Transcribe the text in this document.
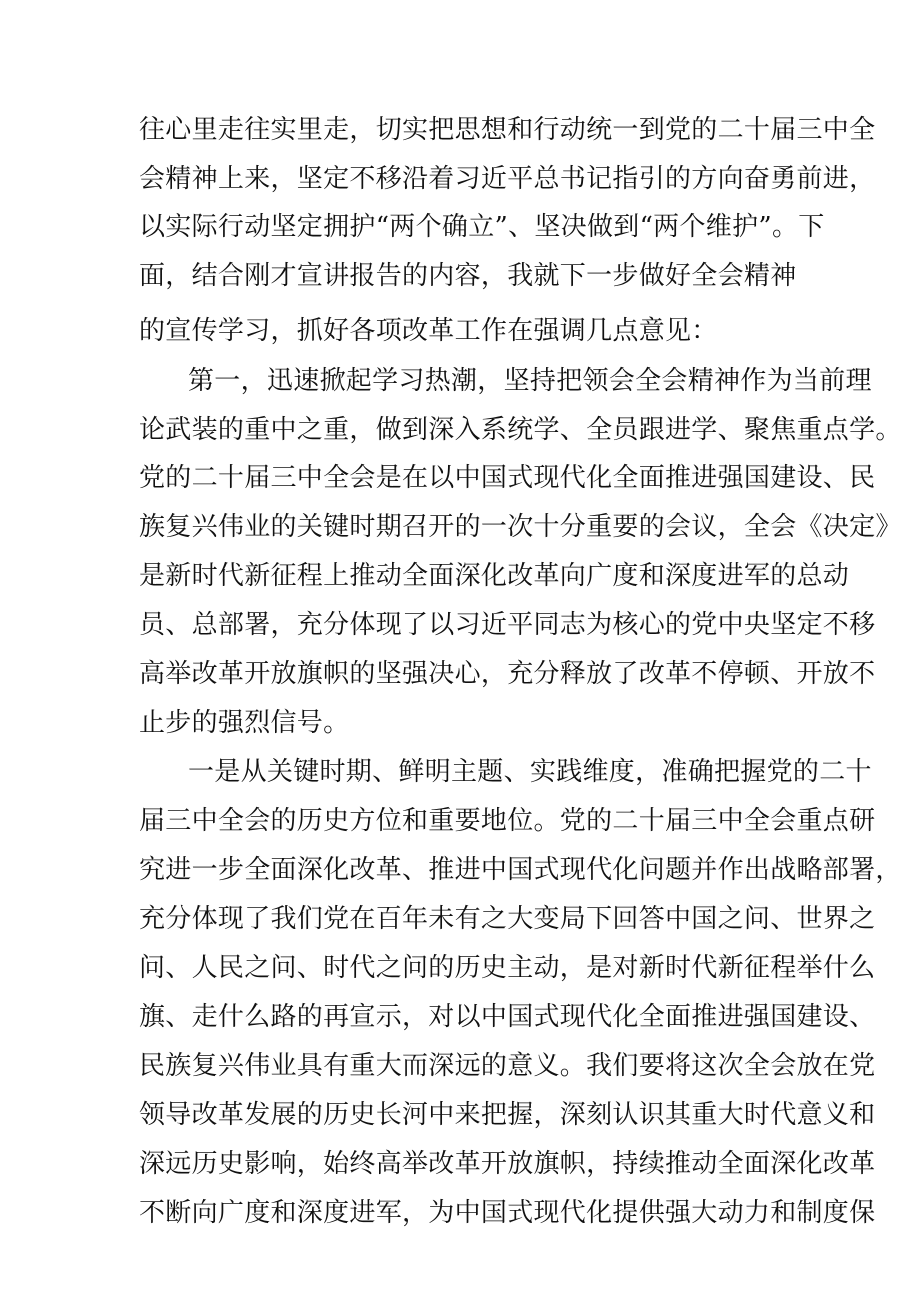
往心里走往实里走，切实把思想和行动统一到党的二十届三中全

会精神上来，坚定不移沿着习近平总书记指引的方向奋勇前进，

以实际行动坚定拥护“两个确立”、坚决做到“两个维护”。下

面，结合刚才宣讲报告的内容，我就下一步做好全会精神

的宣传学习，抓好各项改革工作在强调几点意见：

第一，迅速掀起学习热潮，坚持把领会全会精神作为当前理

论武装的重中之重，做到深入系统学、全员跟进学、聚焦重点学。

党的二十届三中全会是在以中国式现代化全面推进强国建设、民

族复兴伟业的关键时期召开的一次十分重要的会议，全会《决定》

是新时代新征程上推动全面深化改革向广度和深度进军的总动

员、总部署，充分体现了以习近平同志为核心的党中央坚定不移

高举改革开放旗帜的坚强决心，充分释放了改革不停顿、开放不

止步的强烈信号。

一是从关键时期、鲜明主题、实践维度，准确把握党的二十

届三中全会的历史方位和重要地位。党的二十届三中全会重点研

究进一步全面深化改革、推进中国式现代化问题并作出战略部署，

充分体现了我们党在百年未有之大变局下回答中国之问、世界之

问、人民之问、时代之问的历史主动，是对新时代新征程举什么

旗、走什么路的再宣示，对以中国式现代化全面推进强国建设、

民族复兴伟业具有重大而深远的意义。我们要将这次全会放在党

领导改革发展的历史长河中来把握，深刻认识其重大时代意义和

深远历史影响，始终高举改革开放旗帜，持续推动全面深化改革

不断向广度和深度进军，为中国式现代化提供强大动力和制度保
